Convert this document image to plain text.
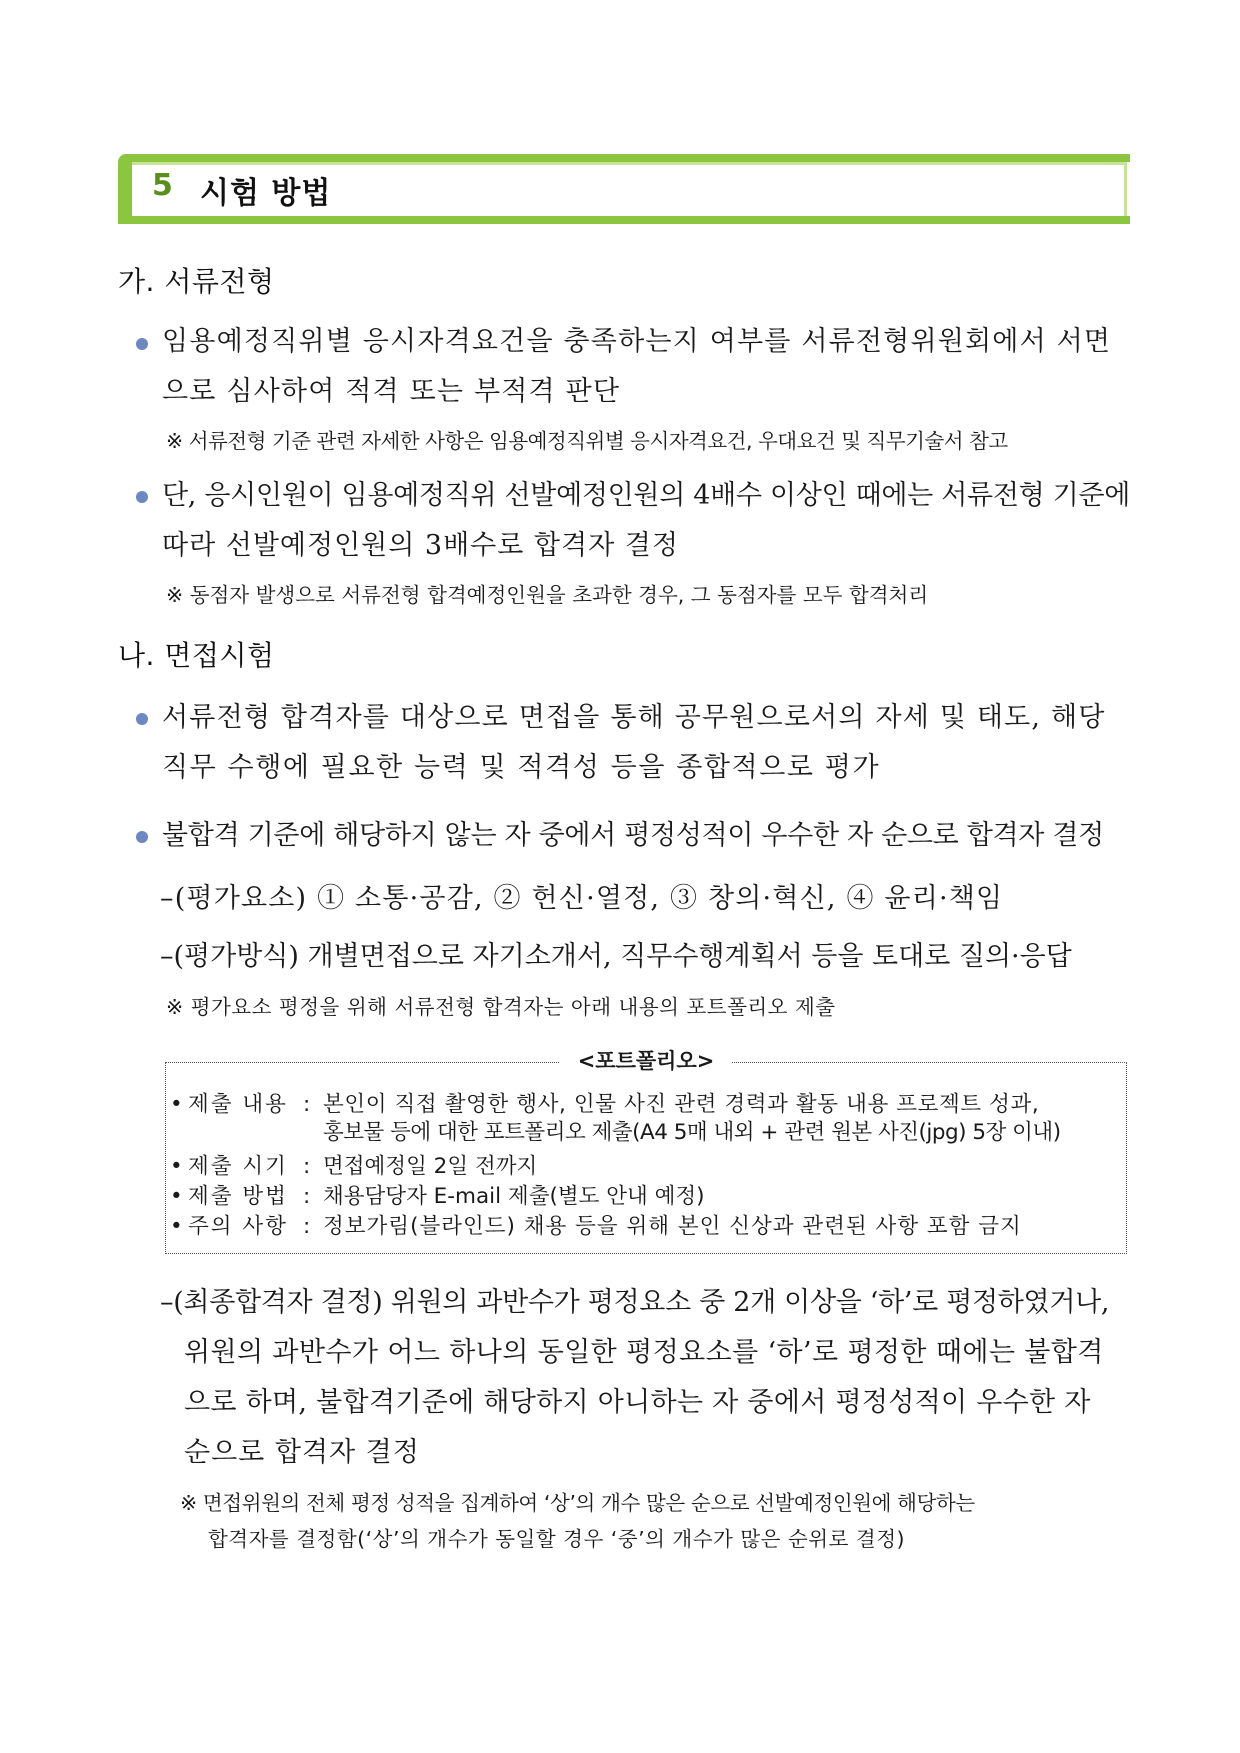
5 시험 방법
가. 서류전형
임용예정직위별 응시자격요건을 충족하는지 여부를 서류전형위원회에서 서면
으로 심사하여 적격 또는 부적격 판단
※ 서류전형 기준 관련 자세한 사항은 임용예정직위별 응시자격요건, 우대요건 및 직무기술서 참고
단, 응시인원이 임용예정직위 선발예정인원의 4배수 이상인 때에는 서류전형 기준에
따라 선발예정인원의 3배수로 합격자 결정
※ 동점자 발생으로 서류전형 합격예정인원을 초과한 경우, 그 동점자를 모두 합격처리
나. 면접시험
서류전형 합격자를 대상으로 면접을 통해 공무원으로서의 자세 및 태도, 해당
직무 수행에 필요한 능력 및 적격성 등을 종합적으로 평가
불합격 기준에 해당하지 않는 자 중에서 평정성적이 우수한 자 순으로 합격자 결정
–(평가요소) ① 소통·공감, ② 헌신·열정, ③ 창의·혁신, ④ 윤리·책임
–(평가방식) 개별면접으로 자기소개서, 직무수행계획서 등을 토대로 질의·응답
※ 평가요소 평정을 위해 서류전형 합격자는 아래 내용의 포트폴리오 제출
<포트폴리오>
• 제출 내용 : 본인이 직접 촬영한 행사, 인물 사진 관련 경력과 활동 내용 프로젝트 성과,
홍보물 등에 대한 포트폴리오 제출(A4 5매 내외 + 관련 원본 사진(jpg) 5장 이내)
• 제출 시기 : 면접예정일 2일 전까지
• 제출 방법 : 채용담당자 E-mail 제출(별도 안내 예정)
• 주의 사항 : 정보가림(블라인드) 채용 등을 위해 본인 신상과 관련된 사항 포함 금지
–(최종합격자 결정) 위원의 과반수가 평정요소 중 2개 이상을 ‘하’로 평정하였거나,
위원의 과반수가 어느 하나의 동일한 평정요소를 ‘하’로 평정한 때에는 불합격
으로 하며, 불합격기준에 해당하지 아니하는 자 중에서 평정성적이 우수한 자
순으로 합격자 결정
※ 면접위원의 전체 평정 성적을 집계하여 ‘상’의 개수 많은 순으로 선발예정인원에 해당하는
합격자를 결정함(‘상’의 개수가 동일할 경우 ‘중’의 개수가 많은 순위로 결정)
